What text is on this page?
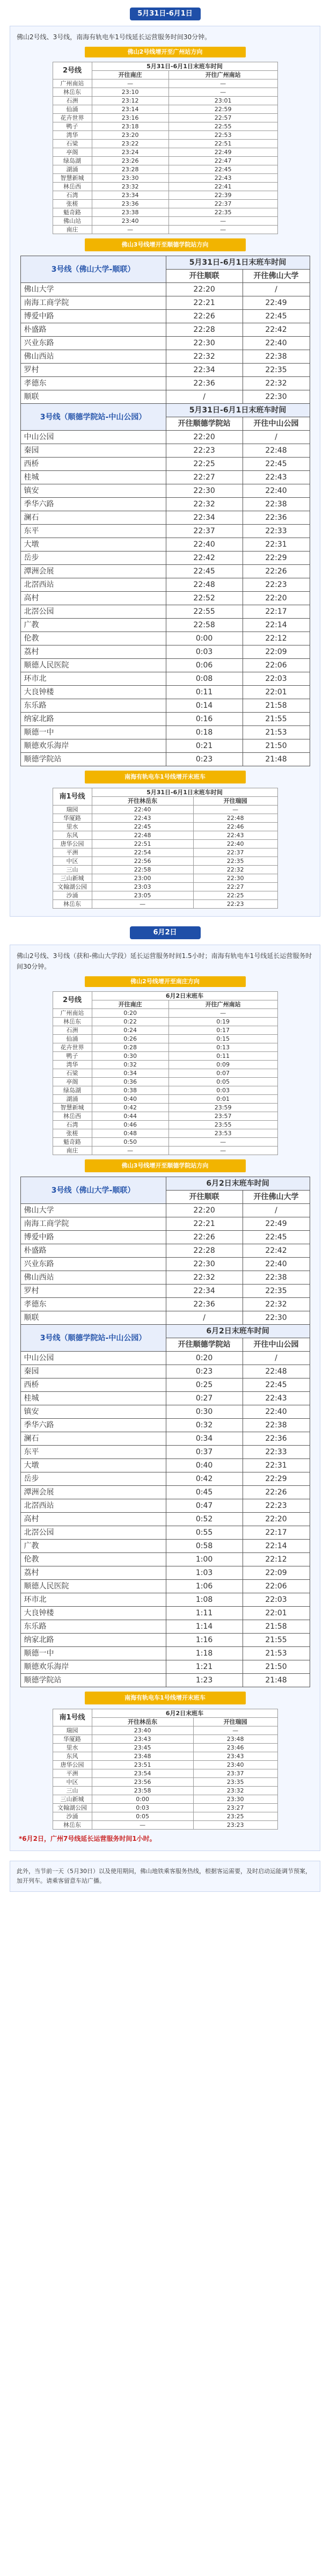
5月31日-6月1日

佛山2号线、3号线，南海有轨电车1号线延长运营服务时间30分钟。

佛山2号线增开至广州站方向
2号线	5月31日-6月1日末班车时间	
	开往南庄	开往广州南站
广州南站	—	—
林岳东	23:10	—
石洲	23:12	23:01
仙涌	23:14	22:59
花卉世界	23:16	22:57
鸭子	23:18	22:55
湾华	23:20	22:53
石梁	23:22	22:51
亭阁	23:24	22:49
绿岛湖	23:26	22:47
湖涌	23:28	22:45
智慧新城	23:30	22:43
林岳西	23:32	22:41
石湾	23:34	22:39
张槎	23:36	22:37
魁奇路	23:38	22:35
佛山站	23:40	—
南庄	—	—
佛山3号线增开至顺德学院站方向
3号线（佛山大学-顺联）	5月31日-6月1日末班车时间	
	开往顺联	开往佛山大学
佛山大学	22:20	/
南海工商学院	22:21	22:49
博爱中路	22:26	22:45
朴盛路	22:28	22:42
兴业东路	22:30	22:40
佛山西站	22:32	22:38
罗村	22:34	22:35
孝德东	22:36	22:32
顺联	/	22:30
3号线（顺德学院站-中山公园）	5月31日-6月1日末班车时间	
	开往顺德学院站	开往中山公园
中山公园	22:20	/
秦园	22:23	22:48
西桥	22:25	22:45
桂城	22:27	22:43
镇安	22:30	22:40
季华六路	22:32	22:38
澜石	22:34	22:36
东平	22:37	22:33
大墩	22:40	22:31
岳步	22:42	22:29
潭洲会展	22:45	22:26
北滘西站	22:48	22:23
高村	22:52	22:20
北滘公园	22:55	22:17
广教	22:58	22:14
伦教	0:00	22:12
荔村	0:03	22:09
顺德人民医院	0:06	22:06
环市北	0:08	22:03
大良钟楼	0:11	22:01
东乐路	0:14	21:58
纳家北路	0:16	21:55
顺德一中	0:18	21:53
顺德欢乐海岸	0:21	21:50
顺德学院站	0:23	21:48
南海有轨电车1号线增开末班车
南1号线	5月31日-6月1日末班车时间	
	开往林岳东	开往瑞园
瑞园	22:40	—
华厦路	22:43	22:48
里水	22:45	22:46
东风	22:48	22:43
唐华公园	22:51	22:40
平洲	22:54	22:37
中区	22:56	22:35
三山	22:58	22:32
三山新城	23:00	22:30
文翰湖公园	23:03	22:27
沙涌	23:05	22:25
林岳东	—	22:23
6月2日

佛山2号线、3号线（获和-佛山大学段）延长运营服务时间1.5小时；南海有轨电车1号线延长运营服务时间30分钟。

佛山2号线增开至南庄方向
2号线	6月2日末班车	
	开往南庄	开往广州南站
广州南站	0:20	—
林岳东	0:22	0:19
石洲	0:24	0:17
仙涌	0:26	0:15
花卉世界	0:28	0:13
鸭子	0:30	0:11
湾华	0:32	0:09
石梁	0:34	0:07
亭阁	0:36	0:05
绿岛湖	0:38	0:03
湖涌	0:40	0:01
智慧新城	0:42	23:59
林岳西	0:44	23:57
石湾	0:46	23:55
张槎	0:48	23:53
魁奇路	0:50	—
南庄	—	—
佛山3号线增开至顺德学院站方向
3号线（佛山大学-顺联）	6月2日末班车时间	
	开往顺联	开往佛山大学
佛山大学	22:20	/
南海工商学院	22:21	22:49
博爱中路	22:26	22:45
朴盛路	22:28	22:42
兴业东路	22:30	22:40
佛山西站	22:32	22:38
罗村	22:34	22:35
孝德东	22:36	22:32
顺联	/	22:30
3号线（顺德学院站-中山公园）	6月2日末班车时间	
	开往顺德学院站	开往中山公园
中山公园	0:20	/
秦园	0:23	22:48
西桥	0:25	22:45
桂城	0:27	22:43
镇安	0:30	22:40
季华六路	0:32	22:38
澜石	0:34	22:36
东平	0:37	22:33
大墩	0:40	22:31
岳步	0:42	22:29
潭洲会展	0:45	22:26
北滘西站	0:47	22:23
高村	0:52	22:20
北滘公园	0:55	22:17
广教	0:58	22:14
伦教	1:00	22:12
荔村	1:03	22:09
顺德人民医院	1:06	22:06
环市北	1:08	22:03
大良钟楼	1:11	22:01
东乐路	1:14	21:58
纳家北路	1:16	21:55
顺德一中	1:18	21:53
顺德欢乐海岸	1:21	21:50
顺德学院站	1:23	21:48
南海有轨电车1号线增开末班车
南1号线	6月2日末班车	
	开往林岳东	开往瑞园
瑞园	23:40	—
华厦路	23:43	23:48
里水	23:45	23:46
东风	23:48	23:43
唐华公园	23:51	23:40
平洲	23:54	23:37
中区	23:56	23:35
三山	23:58	23:32
三山新城	0:00	23:30
文翰湖公园	0:03	23:27
沙涌	0:05	23:25
林岳东	—	23:23
*6月2日，广州7号线延长运营服务时间1小时。
此外，当节前一天（5月30日）以及使用期间，佛山地铁乘客服务热线，根据客运需要，及时启动运能调节预案，加开列车。请乘客留意车站广播。
